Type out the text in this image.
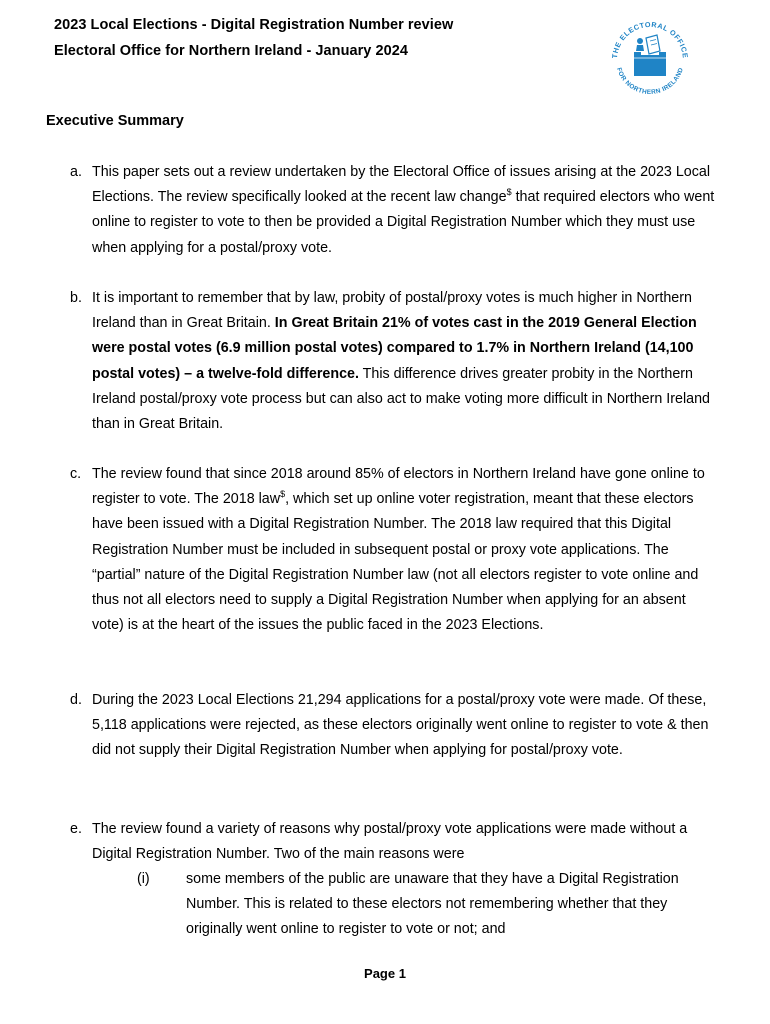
2023 Local Elections - Digital Registration Number review
Electoral Office for Northern Ireland - January 2024	THE ELECTORAL OFFICE
FOR NORTHERN IRELAND
Executive Summary
a. This paper sets out a review undertaken by the Electoral Office of issues arising at the 2023 Local Elections. The review specifically looked at the recent law change$ that required electors who went online to register to vote to then be provided a Digital Registration Number which they must use when applying for a postal/proxy vote.
b. It is important to remember that by law, probity of postal/proxy votes is much higher in Northern Ireland than in Great Britain. In Great Britain 21% of votes cast in the 2019 General Election were postal votes (6.9 million postal votes) compared to 1.7% in Northern Ireland (14,100 postal votes) – a twelve-fold difference. This difference drives greater probity in the Northern Ireland postal/proxy vote process but can also act to make voting more difficult in Northern Ireland than in Great Britain.
c. The review found that since 2018 around 85% of electors in Northern Ireland have gone online to register to vote. The 2018 law$, which set up online voter registration, meant that these electors have been issued with a Digital Registration Number. The 2018 law required that this Digital Registration Number must be included in subsequent postal or proxy vote applications. The “partial” nature of the Digital Registration Number law (not all electors register to vote online and thus not all electors need to supply a Digital Registration Number when applying for an absent vote) is at the heart of the issues the public faced in the 2023 Elections.
d. During the 2023 Local Elections 21,294 applications for a postal/proxy vote were made. Of these, 5,118 applications were rejected, as these electors originally went online to register to vote & then did not supply their Digital Registration Number when applying for postal/proxy vote.
e. The review found a variety of reasons why postal/proxy vote applications were made without a Digital Registration Number. Two of the main reasons were
(i)	some members of the public are unaware that they have a Digital Registration Number. This is related to these electors not remembering whether that they originally went online to register to vote or not; and
Page 1
